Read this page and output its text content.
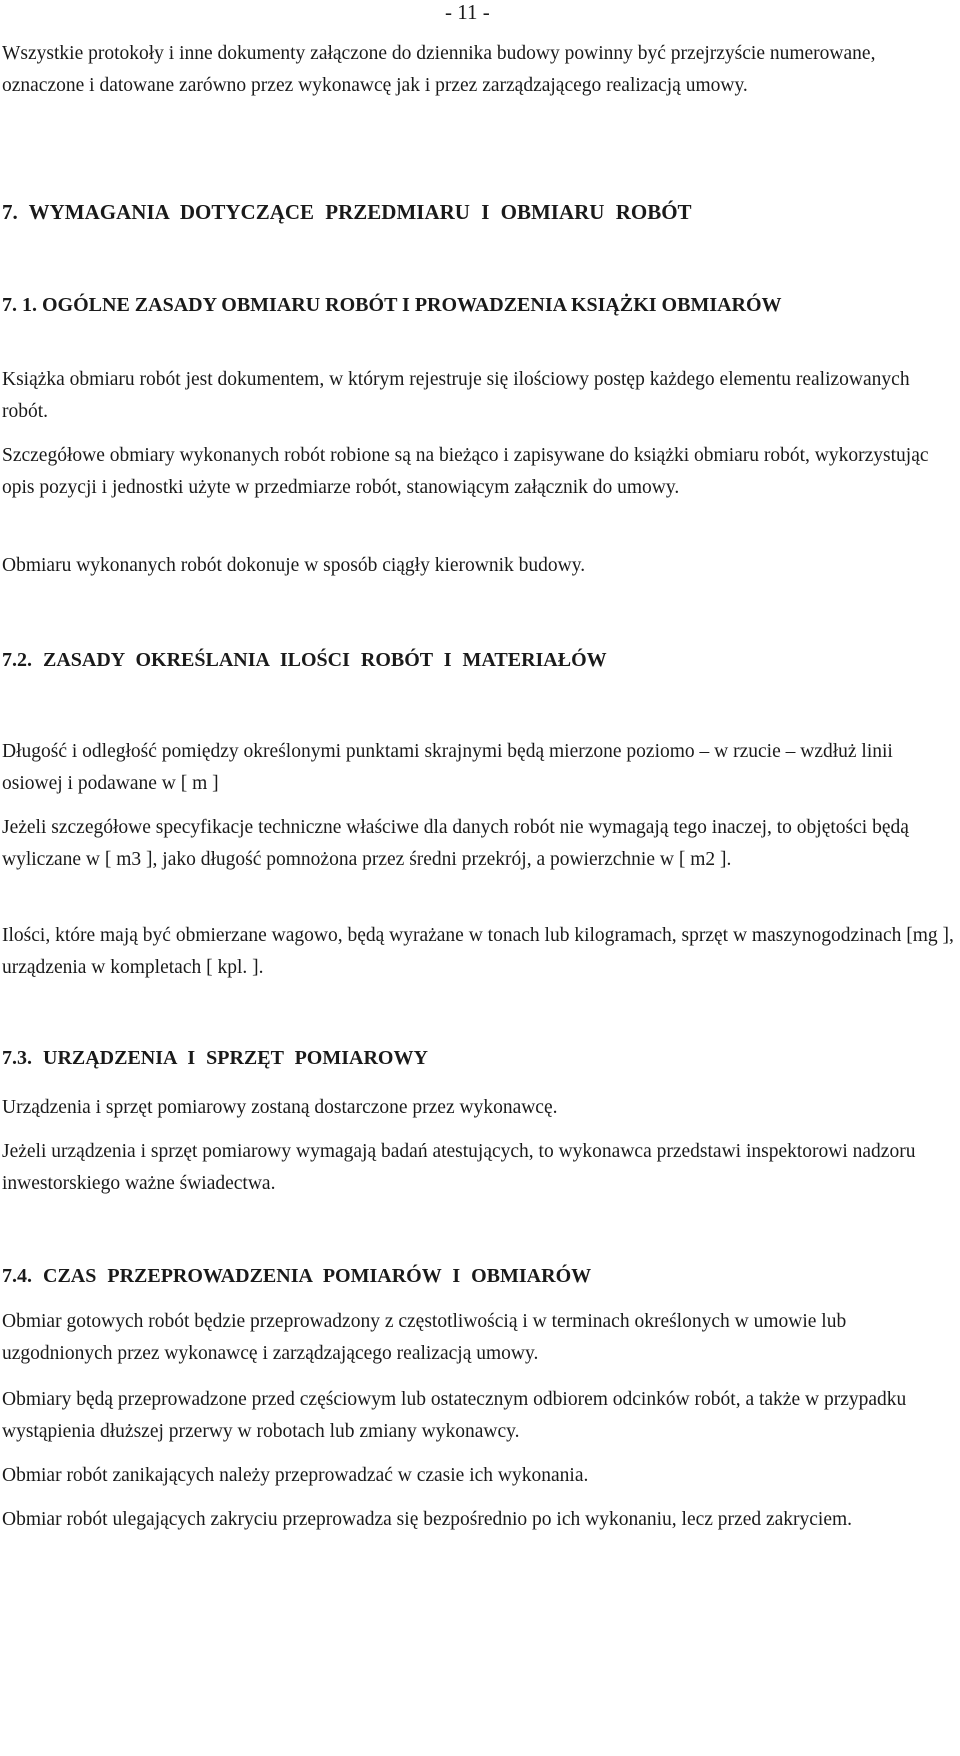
- 11 -

Wszystkie protokoły i inne dokumenty załączone do dziennika budowy powinny być przejrzyście numerowane, oznaczone i datowane zarówno przez wykonawcę jak i przez zarządzającego realizacją umowy.

7. WYMAGANIA DOTYCZĄCE PRZEDMIARU I OBMIARU ROBÓT
7. 1. OGÓLNE ZASADY OBMIARU ROBÓT I PROWADZENIA KSIĄŻKI OBMIARÓW

Książka obmiaru robót jest dokumentem, w którym rejestruje się ilościowy postęp każdego elementu realizowanych robót.

Szczegółowe obmiary wykonanych robót robione są na bieżąco i zapisywane do książki obmiaru robót, wykorzystując opis pozycji i jednostki użyte w przedmiarze robót, stanowiącym załącznik do umowy.

Obmiaru wykonanych robót dokonuje w sposób ciągły kierownik budowy.

7.2. ZASADY OKREŚLANIA ILOŚCI ROBÓT I MATERIAŁÓW

Długość i odległość pomiędzy określonymi punktami skrajnymi będą mierzone poziomo – w rzucie – wzdłuż linii osiowej i podawane w [ m ]

Jeżeli szczegółowe specyfikacje techniczne właściwe dla danych robót nie wymagają tego inaczej, to objętości będą wyliczane w [ m3 ], jako długość pomnożona przez średni przekrój, a powierzchnie w [ m2 ].

Ilości, które mają być obmierzane wagowo, będą wyrażane w tonach lub kilogramach, sprzęt w maszynogodzinach [mg ], urządzenia w kompletach [ kpl. ].

7.3. URZĄDZENIA I SPRZĘT POMIAROWY

Urządzenia i sprzęt pomiarowy zostaną dostarczone przez wykonawcę.

Jeżeli urządzenia i sprzęt pomiarowy wymagają badań atestujących, to wykonawca przedstawi inspektorowi nadzoru inwestorskiego ważne świadectwa.

7.4. CZAS PRZEPROWADZENIA POMIARÓW I OBMIARÓW

Obmiar gotowych robót będzie przeprowadzony z częstotliwością i w terminach określonych w umowie lub uzgodnionych przez wykonawcę i zarządzającego realizacją umowy.

Obmiary będą przeprowadzone przed częściowym lub ostatecznym odbiorem odcinków robót, a także w przypadku wystąpienia dłuższej przerwy w robotach lub zmiany wykonawcy.

Obmiar robót zanikających należy przeprowadzać w czasie ich wykonania.

Obmiar robót ulegających zakryciu przeprowadza się bezpośrednio po ich wykonaniu, lecz przed zakryciem.
